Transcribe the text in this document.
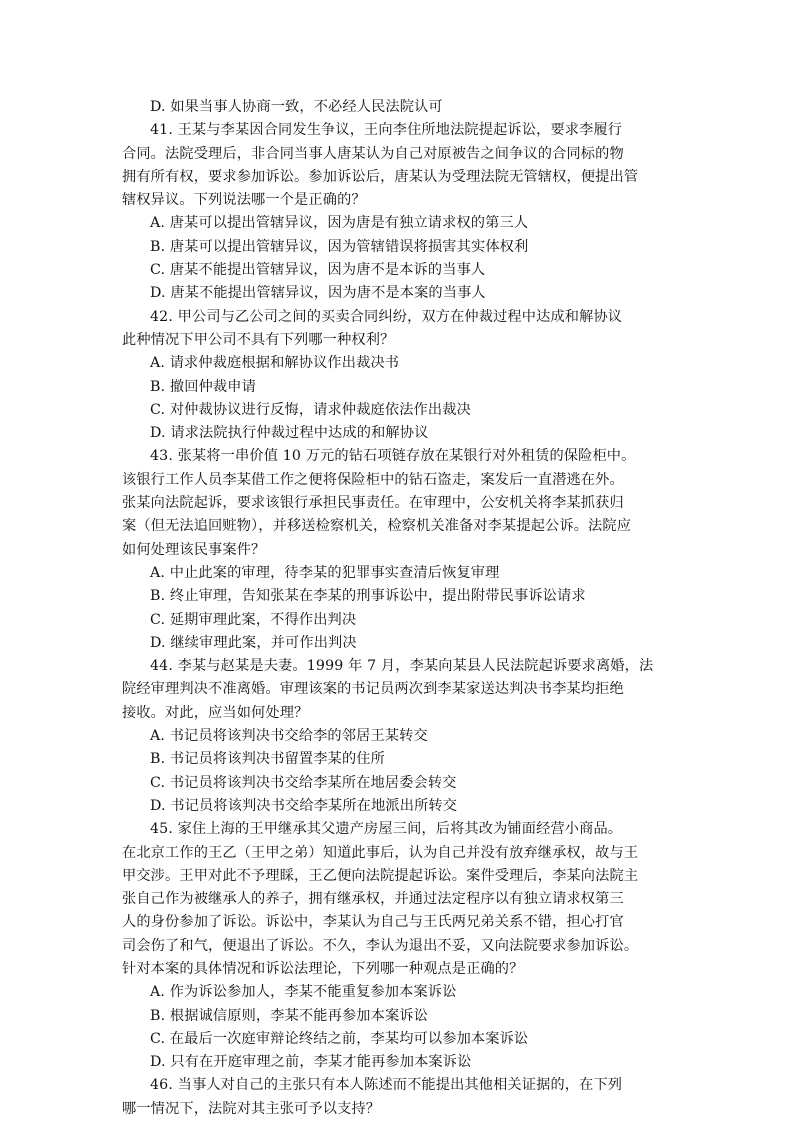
D. 如果当事人协商一致，不必经人民法院认可
41. 王某与李某因合同发生争议，王向李住所地法院提起诉讼，要求李履行
合同。法院受理后，非合同当事人唐某认为自己对原被告之间争议的合同标的物
拥有所有权，要求参加诉讼。参加诉讼后，唐某认为受理法院无管辖权，便提出管
辖权异议。下列说法哪一个是正确的？
A. 唐某可以提出管辖异议，因为唐是有独立请求权的第三人
B. 唐某可以提出管辖异议，因为管辖错误将损害其实体权利
C. 唐某不能提出管辖异议，因为唐不是本诉的当事人
D. 唐某不能提出管辖异议，因为唐不是本案的当事人
42. 甲公司与乙公司之间的买卖合同纠纷，双方在仲裁过程中达成和解协议
此种情况下甲公司不具有下列哪一种权利？
A. 请求仲裁庭根据和解协议作出裁决书
B. 撤回仲裁申请
C. 对仲裁协议进行反悔，请求仲裁庭依法作出裁决
D. 请求法院执行仲裁过程中达成的和解协议
43. 张某将一串价值 10 万元的钻石项链存放在某银行对外租赁的保险柜中。
该银行工作人员李某借工作之便将保险柜中的钻石盗走，案发后一直潜逃在外。
张某向法院起诉，要求该银行承担民事责任。在审理中，公安机关将李某抓获归
案（但无法追回赃物），并移送检察机关，检察机关准备对李某提起公诉。法院应
如何处理该民事案件？
A. 中止此案的审理，待李某的犯罪事实查清后恢复审理
B. 终止审理，告知张某在李某的刑事诉讼中，提出附带民事诉讼请求
C. 延期审理此案，不得作出判决
D. 继续审理此案，并可作出判决
44. 李某与赵某是夫妻。1999 年 7 月，李某向某县人民法院起诉要求离婚，法
院经审理判决不准离婚。审理该案的书记员两次到李某家送达判决书李某均拒绝
接收。对此，应当如何处理？
A. 书记员将该判决书交给李的邻居王某转交
B. 书记员将该判决书留置李某的住所
C. 书记员将该判决书交给李某所在地居委会转交
D. 书记员将该判决书交给李某所在地派出所转交
45. 家住上海的王甲继承其父遗产房屋三间，后将其改为铺面经营小商品。
在北京工作的王乙（王甲之弟）知道此事后，认为自己并没有放弃继承权，故与王
甲交涉。王甲对此不予理睬，王乙便向法院提起诉讼。案件受理后，李某向法院主
张自己作为被继承人的养子，拥有继承权，并通过法定程序以有独立请求权第三
人的身份参加了诉讼。诉讼中，李某认为自己与王氏两兄弟关系不错，担心打官
司会伤了和气，便退出了诉讼。不久，李认为退出不妥，又向法院要求参加诉讼。
针对本案的具体情况和诉讼法理论，下列哪一种观点是正确的？
A. 作为诉讼参加人，李某不能重复参加本案诉讼
B. 根据诚信原则，李某不能再参加本案诉讼
C. 在最后一次庭审辩论终结之前，李某均可以参加本案诉讼
D. 只有在开庭审理之前，李某才能再参加本案诉讼
46. 当事人对自己的主张只有本人陈述而不能提出其他相关证据的，在下列
哪一情况下，法院对其主张可予以支持？
